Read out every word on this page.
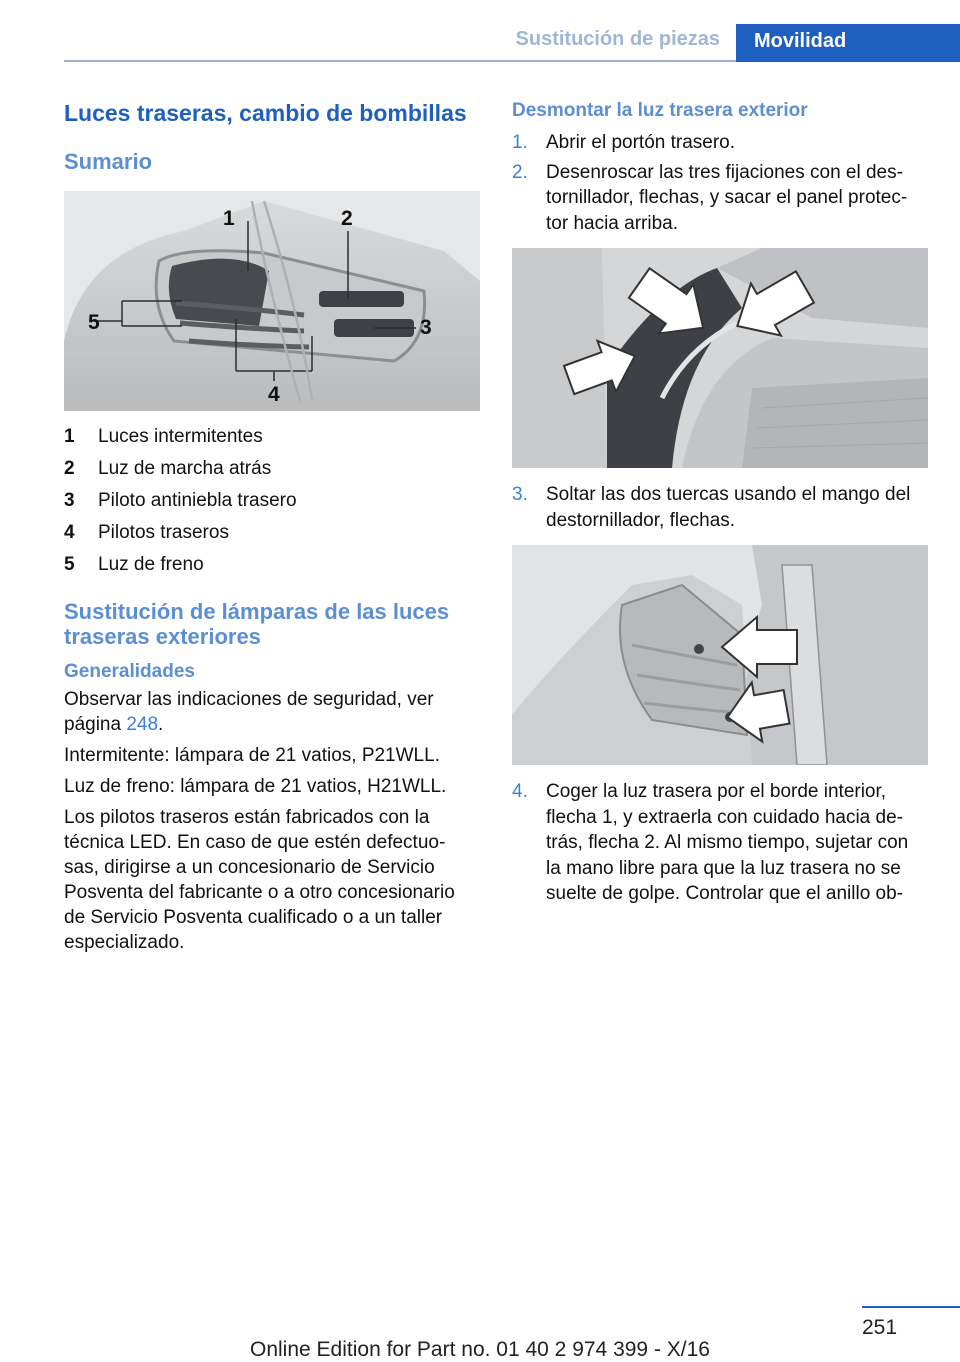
Sustitución de piezas	Movilidad
Luces traseras, cambio de bombillas
Sumario
1	2
3
4
5
1	Luces intermitentes
2	Luz de marcha atrás
3	Piloto antiniebla trasero
4	Pilotos traseros
5	Luz de freno
Sustitución de lámparas de las luces traseras exteriores
Generalidades

Observar las indicaciones de seguridad, ver página 248.

Intermitente: lámpara de 21 vatios, P21WLL.

Luz de freno: lámpara de 21 vatios, H21WLL.

Los pilotos traseros están fabricados con la técnica LED. En caso de que estén defectuo‐ sas, dirigirse a un concesionario de Servicio Posventa del fabricante o a otro concesionario de Servicio Posventa cualificado o a un taller especializado.

Desmontar la luz trasera exterior
1. Abrir el portón trasero.
2. Desenroscar las tres fijaciones con el des‐ tornillador, flechas, y sacar el panel protec‐ tor hacia arriba.
3. Soltar las dos tuercas usando el mango del destornillador, flechas.
4. Coger la luz trasera por el borde interior, flecha 1, y extraerla con cuidado hacia de‐ trás, flecha 2. Al mismo tiempo, sujetar con la mano libre para que la luz trasera no se suelte de golpe. Controlar que el anillo ob‐
251
Online Edition for Part no. 01 40 2 974 399 - X/16
